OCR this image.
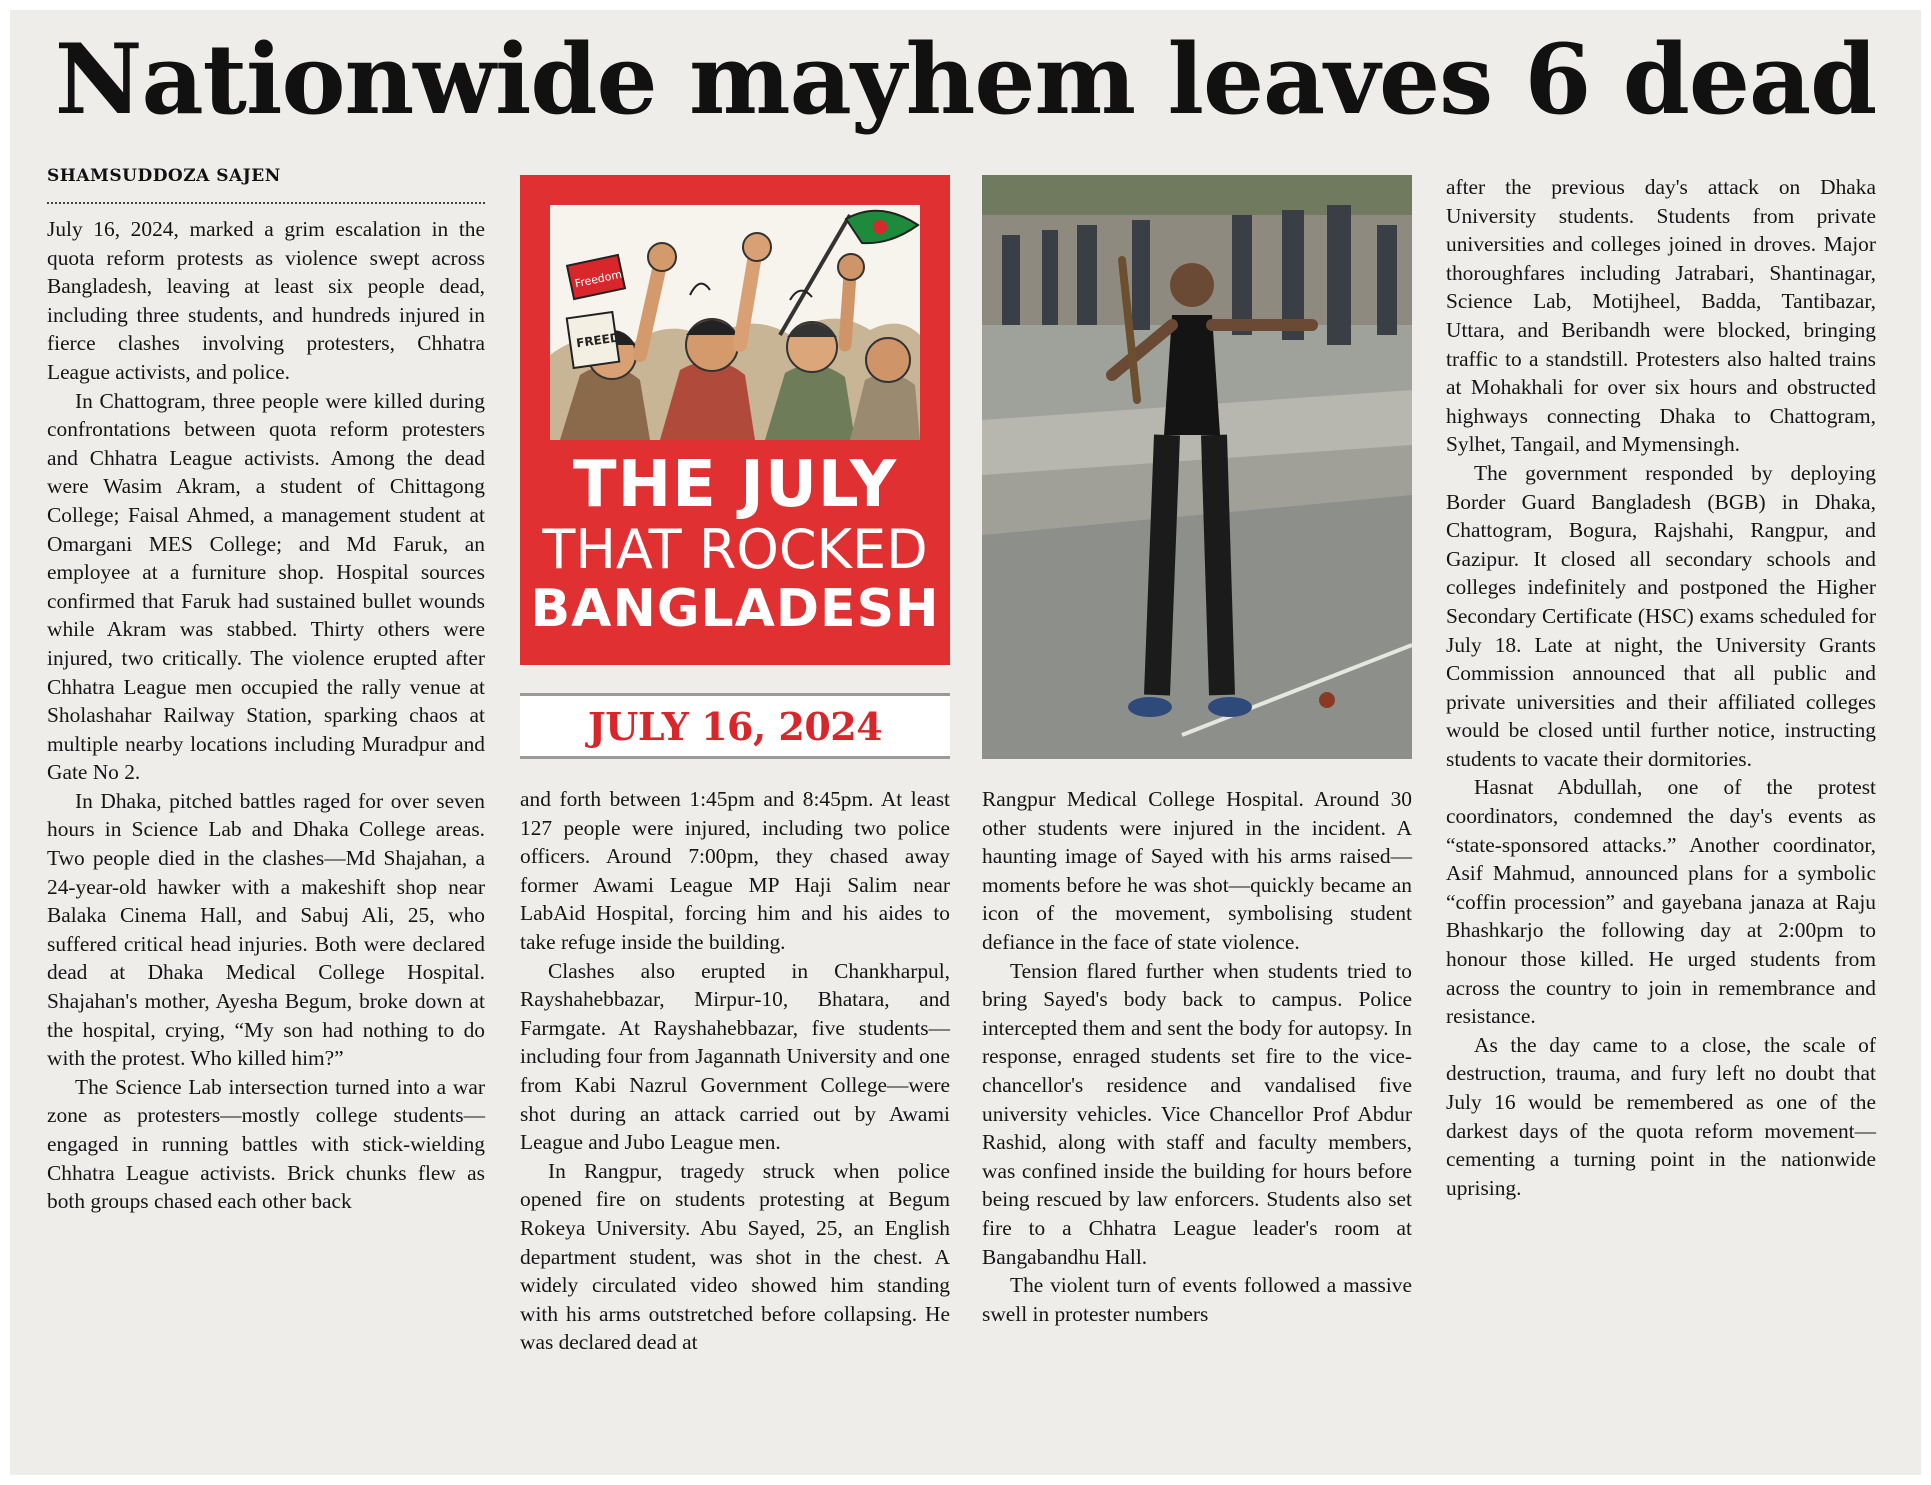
Nationwide mayhem leaves 6 dead
SHAMSUDDOZA SAJEN

July 16, 2024, marked a grim escalation in the quota reform protests as violence swept across Bangladesh, leaving at least six people dead, including three students, and hundreds injured in fierce clashes involving protesters, Chhatra League activists, and police.

In Chattogram, three people were killed during confrontations between quota reform protesters and Chhatra League activists. Among the dead were Wasim Akram, a student of Chittagong College; Faisal Ahmed, a management student at Omargani MES College; and Md Faruk, an employee at a furniture shop. Hospital sources confirmed that Faruk had sustained bullet wounds while Akram was stabbed. Thirty others were injured, two critically. The violence erupted after Chhatra League men occupied the rally venue at Sholashahar Railway Station, sparking chaos at multiple nearby locations including Muradpur and Gate No 2.

In Dhaka, pitched battles raged for over seven hours in Science Lab and Dhaka College areas. Two people died in the clashes—Md Shajahan, a 24-year-old hawker with a makeshift shop near Balaka Cinema Hall, and Sabuj Ali, 25, who suffered critical head injuries. Both were declared dead at Dhaka Medical College Hospital. Shajahan's mother, Ayesha Begum, broke down at the hospital, crying, “My son had nothing to do with the protest. Who killed him?”

The Science Lab intersection turned into a war zone as protesters—mostly college students—engaged in running battles with stick-wielding Chhatra League activists. Brick chunks flew as both groups chased each other back

Freedom
FREED
THE JULY
THAT ROCKED
BANGLADESH
JULY 16, 2024

and forth between 1:45pm and 8:45pm. At least 127 people were injured, including two police officers. Around 7:00pm, they chased away former Awami League MP Haji Salim near LabAid Hospital, forcing him and his aides to take refuge inside the building.

Clashes also erupted in Chankharpul, Rayshahebbazar, Mirpur-10, Bhatara, and Farmgate. At Rayshahebbazar, five students—including four from Jagannath University and one from Kabi Nazrul Government College—were shot during an attack carried out by Awami League and Jubo League men.

In Rangpur, tragedy struck when police opened fire on students protesting at Begum Rokeya University. Abu Sayed, 25, an English department student, was shot in the chest. A widely circulated video showed him standing with his arms outstretched before collapsing. He was declared dead at

Rangpur Medical College Hospital. Around 30 other students were injured in the incident. A haunting image of Sayed with his arms raised—moments before he was shot—quickly became an icon of the movement, symbolising student defiance in the face of state violence.

Tension flared further when students tried to bring Sayed's body back to campus. Police intercepted them and sent the body for autopsy. In response, enraged students set fire to the vice-chancellor's residence and vandalised five university vehicles. Vice Chancellor Prof Abdur Rashid, along with staff and faculty members, was confined inside the building for hours before being rescued by law enforcers. Students also set fire to a Chhatra League leader's room at Bangabandhu Hall.

The violent turn of events followed a massive swell in protester numbers

after the previous day's attack on Dhaka University students. Students from private universities and colleges joined in droves. Major thoroughfares including Jatrabari, Shantinagar, Science Lab, Motijheel, Badda, Tantibazar, Uttara, and Beribandh were blocked, bringing traffic to a standstill. Protesters also halted trains at Mohakhali for over six hours and obstructed highways connecting Dhaka to Chattogram, Sylhet, Tangail, and Mymensingh.

The government responded by deploying Border Guard Bangladesh (BGB) in Dhaka, Chattogram, Bogura, Rajshahi, Rangpur, and Gazipur. It closed all secondary schools and colleges indefinitely and postponed the Higher Secondary Certificate (HSC) exams scheduled for July 18. Late at night, the University Grants Commission announced that all public and private universities and their affiliated colleges would be closed until further notice, instructing students to vacate their dormitories.

Hasnat Abdullah, one of the protest coordinators, condemned the day's events as “state-sponsored attacks.” Another coordinator, Asif Mahmud, announced plans for a symbolic “coffin procession” and gayebana janaza at Raju Bhashkarjo the following day at 2:00pm to honour those killed. He urged students from across the country to join in remembrance and resistance.

As the day came to a close, the scale of destruction, trauma, and fury left no doubt that July 16 would be remembered as one of the darkest days of the quota reform movement—cementing a turning point in the nationwide uprising.
